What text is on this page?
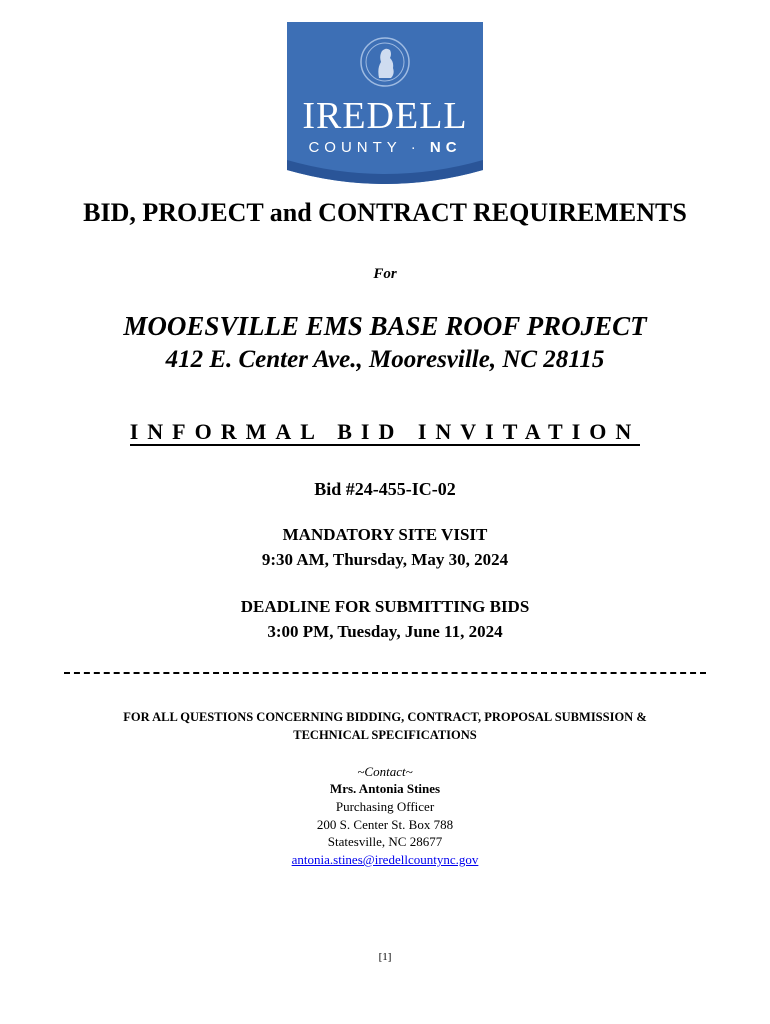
IREDELL
COUNTY · NC
BID, PROJECT and CONTRACT REQUIREMENTS
For
MOOESVILLE EMS BASE ROOF PROJECT
412 E. Center Ave., Mooresville, NC 28115
INFORMAL BID INVITATION
Bid #24-455-IC-02
MANDATORY SITE VISIT
9:30 AM, Thursday, May 30, 2024
DEADLINE FOR SUBMITTING BIDS
3:00 PM, Tuesday, June 11, 2024
FOR ALL QUESTIONS CONCERNING BIDDING, CONTRACT, PROPOSAL SUBMISSION &
TECHNICAL SPECIFICATIONS
~Contact~
Mrs. Antonia Stines
Purchasing Officer
200 S. Center St. Box 788
Statesville, NC 28677
antonia.stines@iredellcountync.gov
[1]
